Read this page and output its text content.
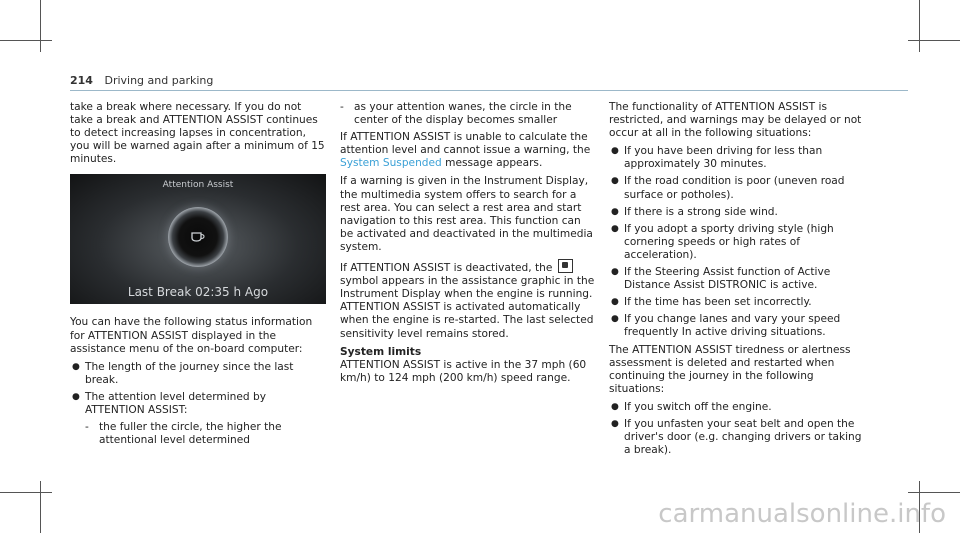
214 Driving and parking

take a break where necessary. If you do not take a break and ATTENTION ASSIST continues to detect increasing lapses in concentration, you will be warned again after a minimum of 15 minutes.

Attention Assist
Last Break 02:35 h Ago

You can have the following status information for ATTENTION ASSIST displayed in the assistance menu of the on-board computer:

● The length of the journey since the last break.
● The attention level determined by ATTENTION ASSIST:
- the fuller the circle, the higher the attentional level determined
- as your attention wanes, the circle in the center of the display becomes smaller

If ATTENTION ASSIST is unable to calculate the attention level and cannot issue a warning, the System Suspended message appears.

If a warning is given in the Instrument Display, the multimedia system offers to search for a rest area. You can select a rest area and start navigation to this rest area. This function can be activated and deactivated in the multimedia system.

If ATTENTION ASSIST is deactivated, the  symbol appears in the assistance graphic in the Instrument Display when the engine is running. ATTENTION ASSIST is activated automatically when the engine is re-started. The last selected sensitivity level remains stored.

System limits

ATTENTION ASSIST is active in the 37 mph (60 km/h) to 124 mph (200 km/h) speed range.

The functionality of ATTENTION ASSIST is restricted, and warnings may be delayed or not occur at all in the following situations:

● If you have been driving for less than approximately 30 minutes.
● If the road condition is poor (uneven road surface or potholes).
● If there is a strong side wind.
● If you adopt a sporty driving style (high cornering speeds or high rates of acceleration).
● If the Steering Assist function of Active Distance Assist DISTRONIC is active.
● If the time has been set incorrectly.
● If you change lanes and vary your speed frequently In active driving situations.

The ATTENTION ASSIST tiredness or alertness assessment is deleted and restarted when continuing the journey in the following situations:

● If you switch off the engine.
● If you unfasten your seat belt and open the driver's door (e.g. changing drivers or taking a break).
carmanualsonline.info
